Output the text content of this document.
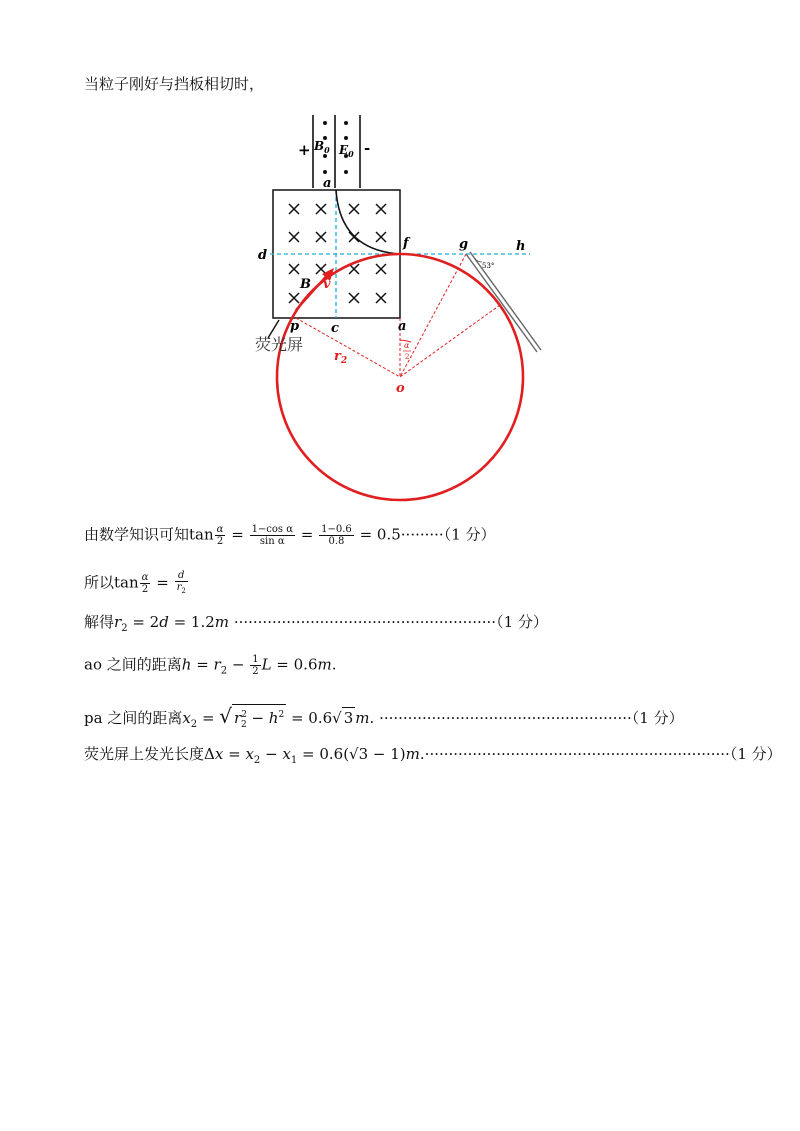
当粒子刚好与挡板相切时，
+	-
$B_0$ $E_0$
a
d
f	g	h
53°
B v
p c	a
荧光屏
$r_2$
α
2
o
由数学知识可知$\tan \frac{\alpha}{2} = \frac{\text{1−cos α}}{\text{sin α}} = \frac{1-0.6}{0.8} = 0.5\cdot\cdot\cdot\cdot\cdot\cdot\cdot\cdot\cdot(1$ 分）
所以$\tan \frac{\alpha}{2} = \frac{d}{r_2}$
解得$r_2 = 2d = 1.2m \cdot\cdot\cdot\cdot\cdot\cdot\cdot\cdot\cdot\cdot\cdot\cdot\cdot\cdot\cdot\cdot\cdot\cdot\cdot\cdot\cdot\cdot\cdot\cdot\cdot\cdot\cdot\cdot\cdot\cdot\cdot\cdot\cdot\cdot\cdot\cdot\cdot\cdot\cdot\cdot\cdot\cdot\cdot\cdot\cdot\cdot\cdot\cdot\cdot\cdot\cdot\cdot\cdot\cdot\cdot(1$ 分）
ao 之间的距离$h = r_2 - \frac{1}{2}$ L = 0.6m.
pa 之间的距离$x_2$ = √ $r^2_2 - h^2 = 0.6√$ 3 m. ·····················································（1 分）
荧光屏上发光长度$\Delta x = x_2 - x_1 = 0.6(√3 - 1)m.\cdot\cdot\cdot\cdot\cdot\cdot\cdot\cdot\cdot\cdot\cdot\cdot\cdot\cdot\cdot\cdot\cdot\cdot\cdot\cdot\cdot\cdot\cdot\cdot\cdot\cdot\cdot\cdot\cdot\cdot\cdot\cdot\cdot\cdot\cdot\cdot\cdot\cdot\cdot\cdot\cdot\cdot\cdot\cdot\cdot\cdot\cdot\cdot\cdot\cdot\cdot\cdot\cdot\cdot\cdot\cdot\cdot\cdot\cdot\cdot\cdot\cdot\cdot\cdot(1$ 分）
